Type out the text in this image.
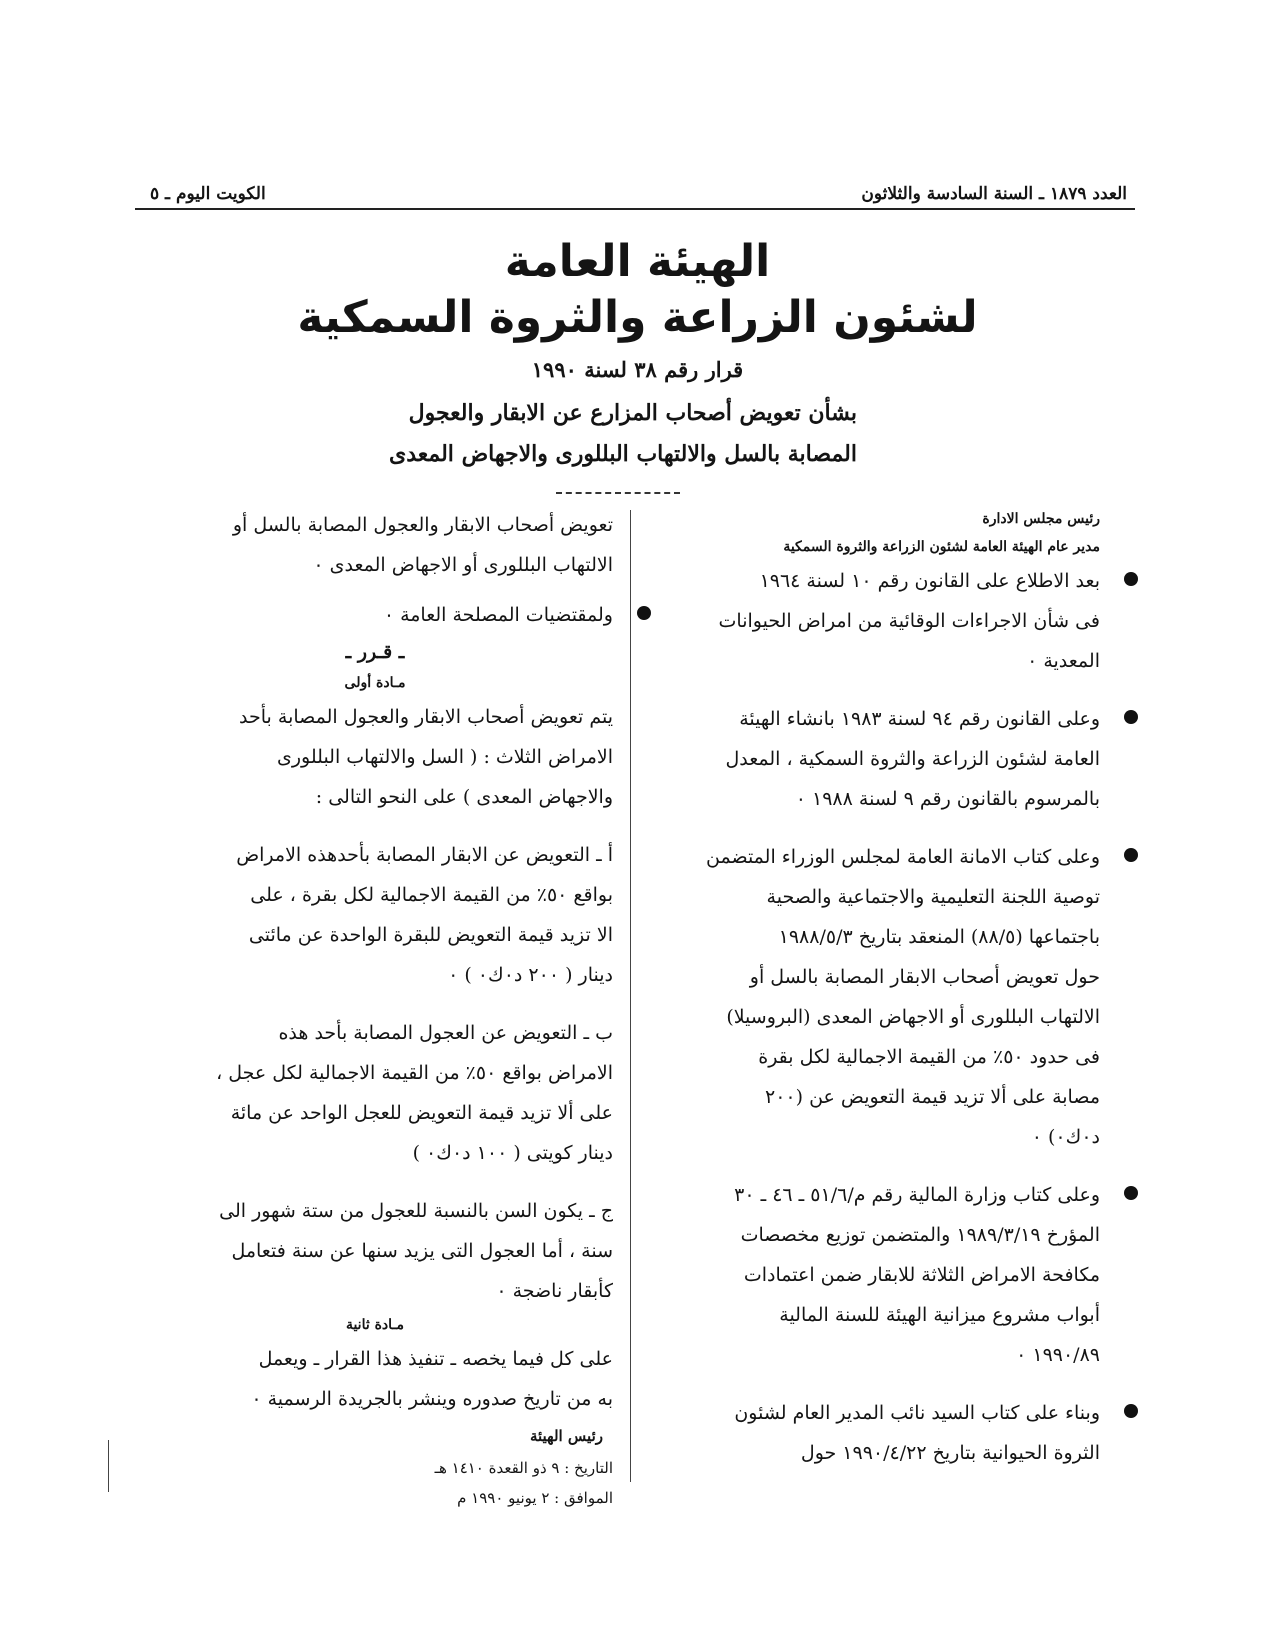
العدد ١٨٧٩ ـ السنة السادسة والثلاثون
الكويت اليوم ـ ٥
الهيئة العامة
لشئون الزراعة والثروة السمكية
قرار رقم ٣٨ لسنة ١٩٩٠
بشأن تعويض أصحاب المزارع عن الابقار والعجول
المصابة بالسل والالتهاب البللورى والاجهاض المعدى
رئيس مجلس الادارة
مدير عام الهيئة العامة لشئون الزراعة والثروة السمكية
بعد الاطلاع على القانون رقم ١٠ لسنة ١٩٦٤
فى شأن الاجراءات الوقائية من امراض الحيوانات
المعدية ٠
وعلى القانون رقم ٩٤ لسنة ١٩٨٣ بانشاء الهيئة
العامة لشئون الزراعة والثروة السمكية ، المعدل
بالمرسوم بالقانون رقم ٩ لسنة ١٩٨٨ ٠
وعلى كتاب الامانة العامة لمجلس الوزراء المتضمن
توصية اللجنة التعليمية والاجتماعية والصحية
باجتماعها (٨٨/٥) المنعقد بتاريخ ١٩٨٨/٥/٣
حول تعويض أصحاب الابقار المصابة بالسل أو
الالتهاب البللورى أو الاجهاض المعدى (البروسيلا)
فى حدود ٥٠٪ من القيمة الاجمالية لكل بقرة
مصابة على ألا تزيد قيمة التعويض عن (٢٠٠
د٠ك٠) ٠
وعلى كتاب وزارة المالية رقم م/٥١/٦ ـ ٤٦ ـ ٣٠
المؤرخ ١٩٨٩/٣/١٩ والمتضمن توزيع مخصصات
مكافحة الامراض الثلاثة للابقار ضمن اعتمادات
أبواب مشروع ميزانية الهيئة للسنة المالية
١٩٩٠/٨٩ ٠
وبناء على كتاب السيد نائب المدير العام لشئون
الثروة الحيوانية بتاريخ ١٩٩٠/٤/٢٢ حول
تعويض أصحاب الابقار والعجول المصابة بالسل أو
الالتهاب البللورى أو الاجهاض المعدى ٠
ولمقتضيات المصلحة العامة ٠
ـ قـرر ـ
مـادة أولى
يتم تعويض أصحاب الابقار والعجول المصابة بأحد
الامراض الثلاث : ( السل والالتهاب البللورى
والاجهاض المعدى ) على النحو التالى :
أ ـ التعويض عن الابقار المصابة بأحدهذه الامراض
بواقع ٥٠٪ من القيمة الاجمالية لكل بقرة ، على
الا تزيد قيمة التعويض للبقرة الواحدة عن مائتى
دينار ( ٢٠٠ د٠ك٠ ) ٠
ب ـ التعويض عن العجول المصابة بأحد هذه
الامراض بواقع ٥٠٪ من القيمة الاجمالية لكل عجل ،
على ألا تزيد قيمة التعويض للعجل الواحد عن مائة
دينار كويتى ( ١٠٠ د٠ك٠ )
ج ـ يكون السن بالنسبة للعجول من ستة شهور الى
سنة ، أما العجول التى يزيد سنها عن سنة فتعامل
كأبقار ناضجة ٠
مـادة ثانية
على كل فيما يخصه ـ تنفيذ هذا القرار ـ ويعمل
به من تاريخ صدوره وينشر بالجريدة الرسمية ٠
رئيس الهيئة
التاريخ : ٩ ذو القعدة ١٤١٠ هـ
الموافق : ٢ يونيو ١٩٩٠ م
